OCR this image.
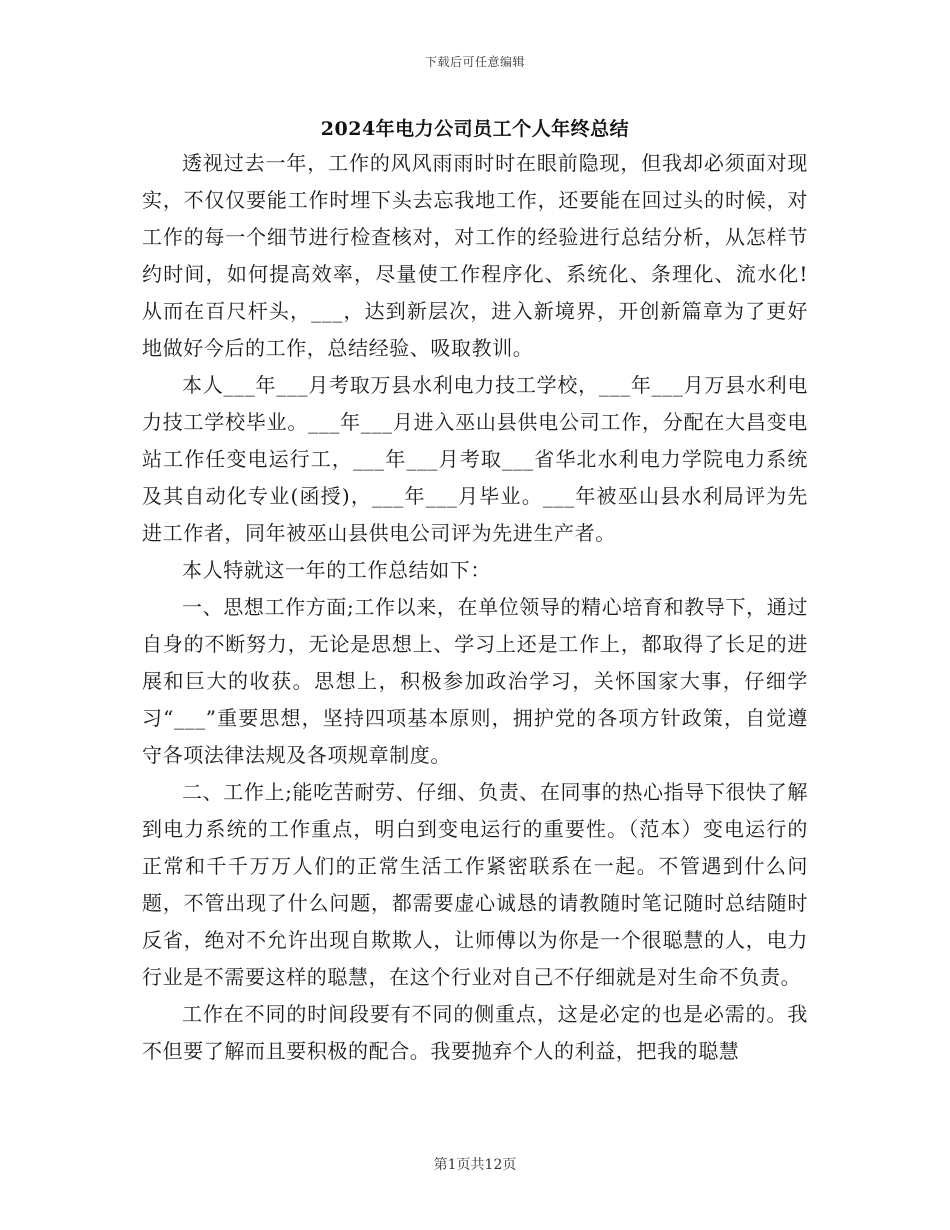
下载后可任意编辑
2024年电力公司员工个人年终总结

透视过去一年，工作的风风雨雨时时在眼前隐现，但我却必须面对现实，不仅仅要能工作时埋下头去忘我地工作，还要能在回过头的时候，对工作的每一个细节进行检查核对，对工作的经验进行总结分析，从怎样节约时间，如何提高效率，尽量使工作程序化、系统化、条理化、流水化!从而在百尺杆头，___，达到新层次，进入新境界，开创新篇章为了更好地做好今后的工作，总结经验、吸取教训。

本人___年___月考取万县水利电力技工学校，___年___月万县水利电力技工学校毕业。___年___月进入巫山县供电公司工作，分配在大昌变电站工作任变电运行工，___年___月考取___省华北水利电力学院电力系统及其自动化专业(函授)，___年___月毕业。___年被巫山县水利局评为先进工作者，同年被巫山县供电公司评为先进生产者。

本人特就这一年的工作总结如下：

一、思想工作方面;工作以来，在单位领导的精心培育和教导下，通过自身的不断努力，无论是思想上、学习上还是工作上，都取得了长足的进展和巨大的收获。思想上，积极参加政治学习，关怀国家大事，仔细学习“___”重要思想，坚持四项基本原则，拥护党的各项方针政策，自觉遵守各项法律法规及各项规章制度。

二、工作上;能吃苦耐劳、仔细、负责、在同事的热心指导下很快了解到电力系统的工作重点，明白到变电运行的重要性。（范本）变电运行的正常和千千万万人们的正常生活工作紧密联系在一起。不管遇到什么问题，不管出现了什么问题，都需要虚心诚恳的请教随时笔记随时总结随时反省，绝对不允许出现自欺欺人，让师傅以为你是一个很聪慧的人，电力行业是不需要这样的聪慧，在这个行业对自己不仔细就是对生命不负责。

工作在不同的时间段要有不同的侧重点，这是必定的也是必需的。我不但要了解而且要积极的配合。我要抛弃个人的利益，把我的聪慧

第1页共12页
